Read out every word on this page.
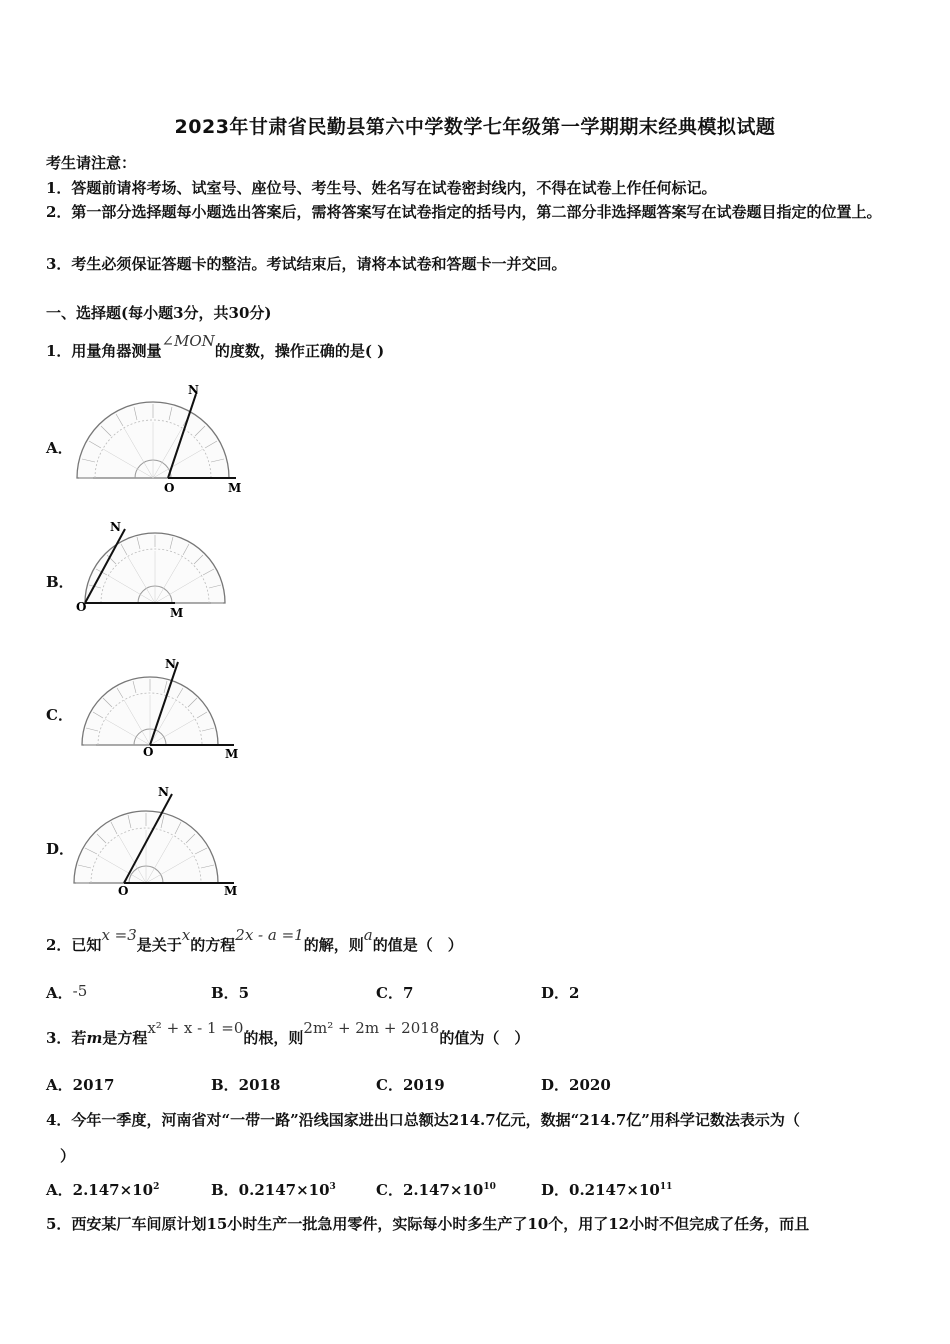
2023年甘肃省民勤县第六中学数学七年级第一学期期末经典模拟试题
考生请注意：
1．答题前请将考场、试室号、座位号、考生号、姓名写在试卷密封线内，不得在试卷上作任何标记。
2．第一部分选择题每小题选出答案后，需将答案写在试卷指定的括号内，第二部分非选择题答案写在试卷题目指定的位置上。
3．考生必须保证答题卡的整洁。考试结束后，请将本试卷和答题卡一并交回。
一、选择题(每小题3分，共30分)
1．用量角器测量∠MON的度数，操作正确的是( )
A．
O	M
N
B．
O	M
N
C．
O	M
N
D．
O	M
N
2．已知x =3是关于x的方程2x - a =1的解，则a的值是（　）
A．-5	B．5	C．7	D．2
3．若m是方程x² + x - 1 =0的根，则2m² + 2m + 2018的值为（　）
A．2017	B．2018	C．2019	D．2020
4．今年一季度，河南省对“一带一路”沿线国家进出口总额达214.7亿元，数据“214.7亿”用科学记数法表示为（
）
A．$2.147\times 10^2$	B．$0.2147\times 10^3$	C．$2.147\times 10^{10}$	D．$0.2147\times 10^{11}$
5．西安某厂车间原计划15小时生产一批急用零件，实际每小时多生产了10个，用了12小时不但完成了任务，而且
